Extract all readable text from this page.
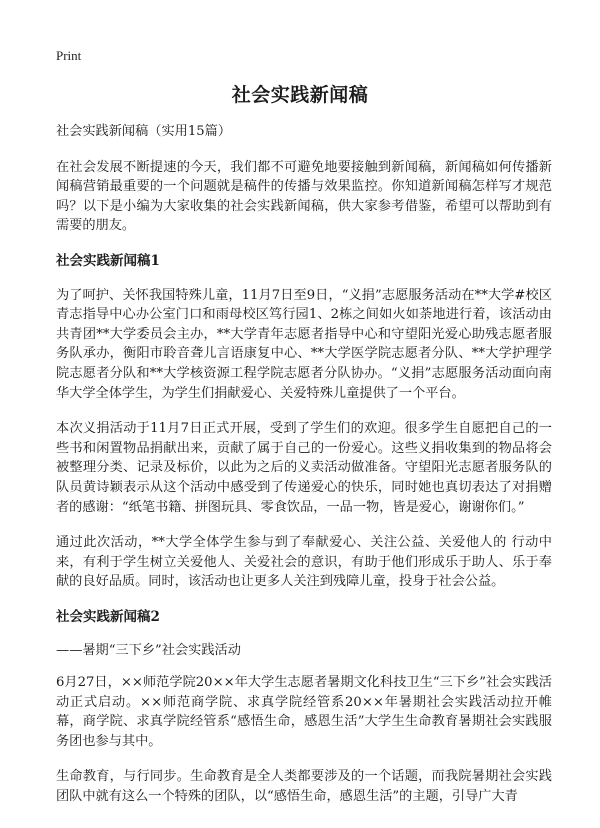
Print
社会实践新闻稿

社会实践新闻稿（实用15篇）

在社会发展不断提速的今天，我们都不可避免地要接触到新闻稿，新闻稿如何传播新闻稿营销最重要的一个问题就是稿件的传播与效果监控。你知道新闻稿怎样写才规范吗？以下是小编为大家收集的社会实践新闻稿，供大家参考借鉴，希望可以帮助到有需要的朋友。

社会实践新闻稿1

为了呵护、关怀我国特殊儿童，11月7日至9日，“义捐”志愿服务活动在**大学#校区青志指导中心办公室门口和雨母校区笃行园1、2栋之间如火如荼地进行着，该活动由共青团**大学委员会主办，**大学青年志愿者指导中心和守望阳光爱心助残志愿者服务队承办，衡阳市聆音聋儿言语康复中心、**大学医学院志愿者分队、**大学护理学院志愿者分队和**大学核资源工程学院志愿者分队协办。“义捐”志愿服务活动面向南华大学全体学生，为学生们捐献爱心、关爱特殊儿童提供了一个平台。

本次义捐活动于11月7日正式开展，受到了学生们的欢迎。很多学生自愿把自己的一些书和闲置物品捐献出来，贡献了属于自己的一份爱心。这些义捐收集到的物品将会被整理分类、记录及标价，以此为之后的义卖活动做准备。守望阳光志愿者服务队的队员黄诗颖表示从这个活动中感受到了传递爱心的快乐，同时她也真切表达了对捐赠者的感谢：“纸笔书籍、拼图玩具、零食饮品，一品一物，皆是爱心，谢谢你们。”

通过此次活动，**大学全体学生参与到了奉献爱心、关注公益、关爱他人的 行动中来，有利于学生树立关爱他人、关爱社会的意识，有助于他们形成乐于助人、乐于奉献的良好品质。同时，该活动也让更多人关注到残障儿童，投身于社会公益。

社会实践新闻稿2

——暑期“三下乡”社会实践活动

6月27日，××师范学院20××年大学生志愿者暑期文化科技卫生“三下乡”社会实践活动正式启动。××师范商学院、求真学院经管系20××年暑期社会实践活动拉开帷幕，商学院、求真学院经管系“感悟生命，感恩生活”大学生生命教育暑期社会实践服务团也参与其中。

生命教育，与行同步。生命教育是全人类都要涉及的一个话题，而我院暑期社会实践团队中就有这么一个特殊的团队，以“感悟生命，感恩生活”的主题，引导广大青
